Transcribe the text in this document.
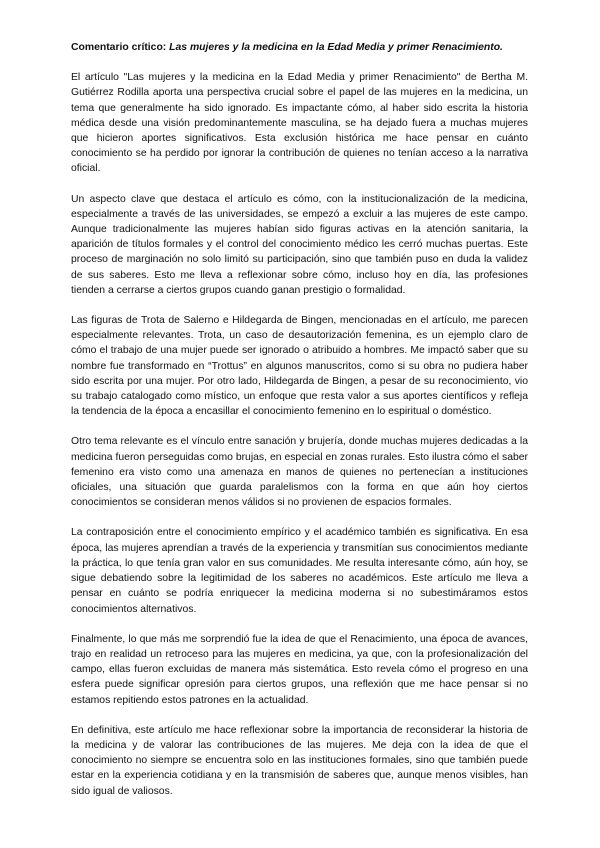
Comentario crítico: Las mujeres y la medicina en la Edad Media y primer Renacimiento.

El artículo "Las mujeres y la medicina en la Edad Media y primer Renacimiento" de Bertha M. Gutiérrez Rodilla aporta una perspectiva crucial sobre el papel de las mujeres en la medicina, un tema que generalmente ha sido ignorado. Es impactante cómo, al haber sido escrita la historia médica desde una visión predominantemente masculina, se ha dejado fuera a muchas mujeres que hicieron aportes significativos. Esta exclusión histórica me hace pensar en cuánto conocimiento se ha perdido por ignorar la contribución de quienes no tenían acceso a la narrativa oficial.

Un aspecto clave que destaca el artículo es cómo, con la institucionalización de la medicina, especialmente a través de las universidades, se empezó a excluir a las mujeres de este campo. Aunque tradicionalmente las mujeres habían sido figuras activas en la atención sanitaria, la aparición de títulos formales y el control del conocimiento médico les cerró muchas puertas. Este proceso de marginación no solo limitó su participación, sino que también puso en duda la validez de sus saberes. Esto me lleva a reflexionar sobre cómo, incluso hoy en día, las profesiones tienden a cerrarse a ciertos grupos cuando ganan prestigio o formalidad.

Las figuras de Trota de Salerno e Hildegarda de Bingen, mencionadas en el artículo, me parecen especialmente relevantes. Trota, un caso de desautorización femenina, es un ejemplo claro de cómo el trabajo de una mujer puede ser ignorado o atribuido a hombres. Me impactó saber que su nombre fue transformado en “Trottus” en algunos manuscritos, como si su obra no pudiera haber sido escrita por una mujer. Por otro lado, Hildegarda de Bingen, a pesar de su reconocimiento, vio su trabajo catalogado como místico, un enfoque que resta valor a sus aportes científicos y refleja la tendencia de la época a encasillar el conocimiento femenino en lo espiritual o doméstico.

Otro tema relevante es el vínculo entre sanación y brujería, donde muchas mujeres dedicadas a la medicina fueron perseguidas como brujas, en especial en zonas rurales. Esto ilustra cómo el saber femenino era visto como una amenaza en manos de quienes no pertenecían a instituciones oficiales, una situación que guarda paralelismos con la forma en que aún hoy ciertos conocimientos se consideran menos válidos si no provienen de espacios formales.

La contraposición entre el conocimiento empírico y el académico también es significativa. En esa época, las mujeres aprendían a través de la experiencia y transmitían sus conocimientos mediante la práctica, lo que tenía gran valor en sus comunidades. Me resulta interesante cómo, aún hoy, se sigue debatiendo sobre la legitimidad de los saberes no académicos. Este artículo me lleva a pensar en cuánto se podría enriquecer la medicina moderna si no subestimáramos estos conocimientos alternativos.

Finalmente, lo que más me sorprendió fue la idea de que el Renacimiento, una época de avances, trajo en realidad un retroceso para las mujeres en medicina, ya que, con la profesionalización del campo, ellas fueron excluidas de manera más sistemática. Esto revela cómo el progreso en una esfera puede significar opresión para ciertos grupos, una reflexión que me hace pensar si no estamos repitiendo estos patrones en la actualidad.

En definitiva, este artículo me hace reflexionar sobre la importancia de reconsiderar la historia de la medicina y de valorar las contribuciones de las mujeres. Me deja con la idea de que el conocimiento no siempre se encuentra solo en las instituciones formales, sino que también puede estar en la experiencia cotidiana y en la transmisión de saberes que, aunque menos visibles, han sido igual de valiosos.
